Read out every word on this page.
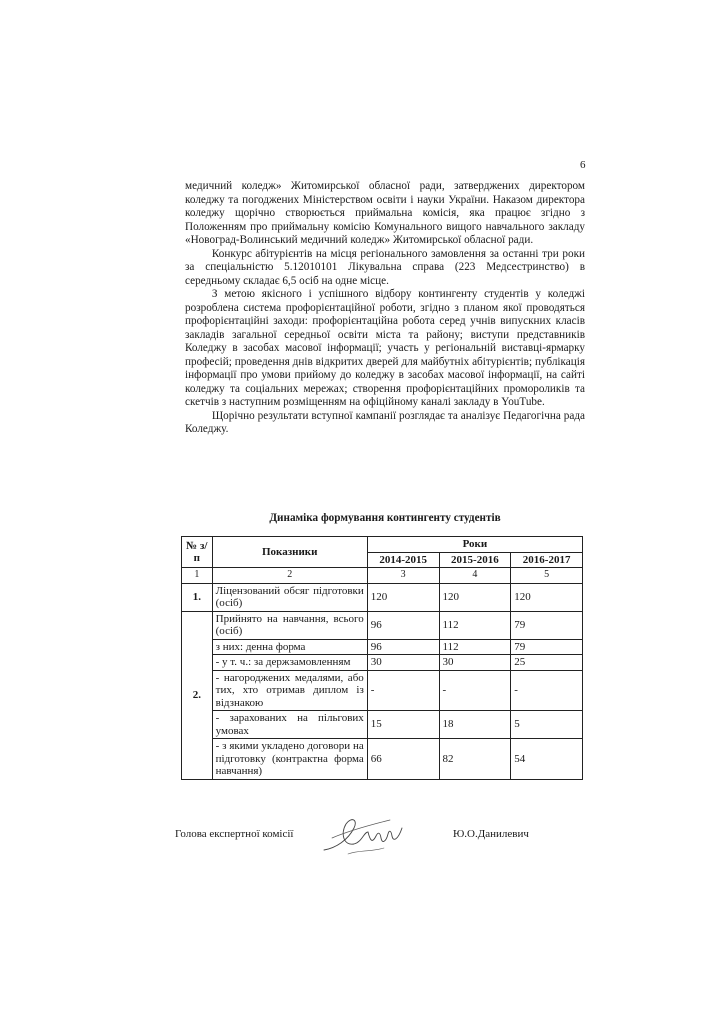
6

медичний коледж» Житомирської обласної ради, затверджених директором коледжу та погоджених Міністерством освіти і науки України. Наказом директора коледжу щорічно створюється приймальна комісія, яка працює згідно з Положенням про приймальну комісію Комунального вищого навчального закладу «Новоград-Волинський медичний коледж» Житомирської обласної ради.

Конкурс абітурієнтів на місця регіонального замовлення за останні три роки за спеціальністю 5.12010101 Лікувальна справа (223 Медсестринство) в середньому складає 6,5 осіб на одне місце.

З метою якісного і успішного відбору контингенту студентів у коледжі розроблена система профорієнтаційної роботи, згідно з планом якої проводяться профорієнтаційні заходи: профорієнтаційна робота серед учнів випускних класів закладів загальної середньої освіти міста та району; виступи представників Коледжу в засобах масової інформації; участь у регіональній виставці-ярмарку професій; проведення днів відкритих дверей для майбутніх абітурієнтів; публікація інформації про умови прийому до коледжу в засобах масової інформації, на сайті коледжу та соціальних мережах; створення профорієнтаційних промороликів та скетчів з наступним розміщенням на офіційному каналі закладу в YouTube.

Щорічно результати вступної кампанії розглядає та аналізує Педагогічна рада Коледжу.

Динаміка формування контингенту студентів
№ з/п	Показники	Роки		
		2014-2015	2015-2016	2016-2017
1	2	3	4	5
1.	Ліцензований обсяг підготовки (осіб)	120	120	120
2.	Прийнято на навчання, всього (осіб)	96	112	79
	з них: денна форма	96	112	79
	- у т. ч.: за держзамовленням	30	30	25
	- нагороджених медалями, або тих, хто отримав диплом із відзнакою	-	-	-
	- зарахованих на пільгових умовах	15	18	5
	- з якими укладено договори на підготовку (контрактна форма навчання)	66	82	54
Голова експертної комісії	Ю.О.Данилевич
